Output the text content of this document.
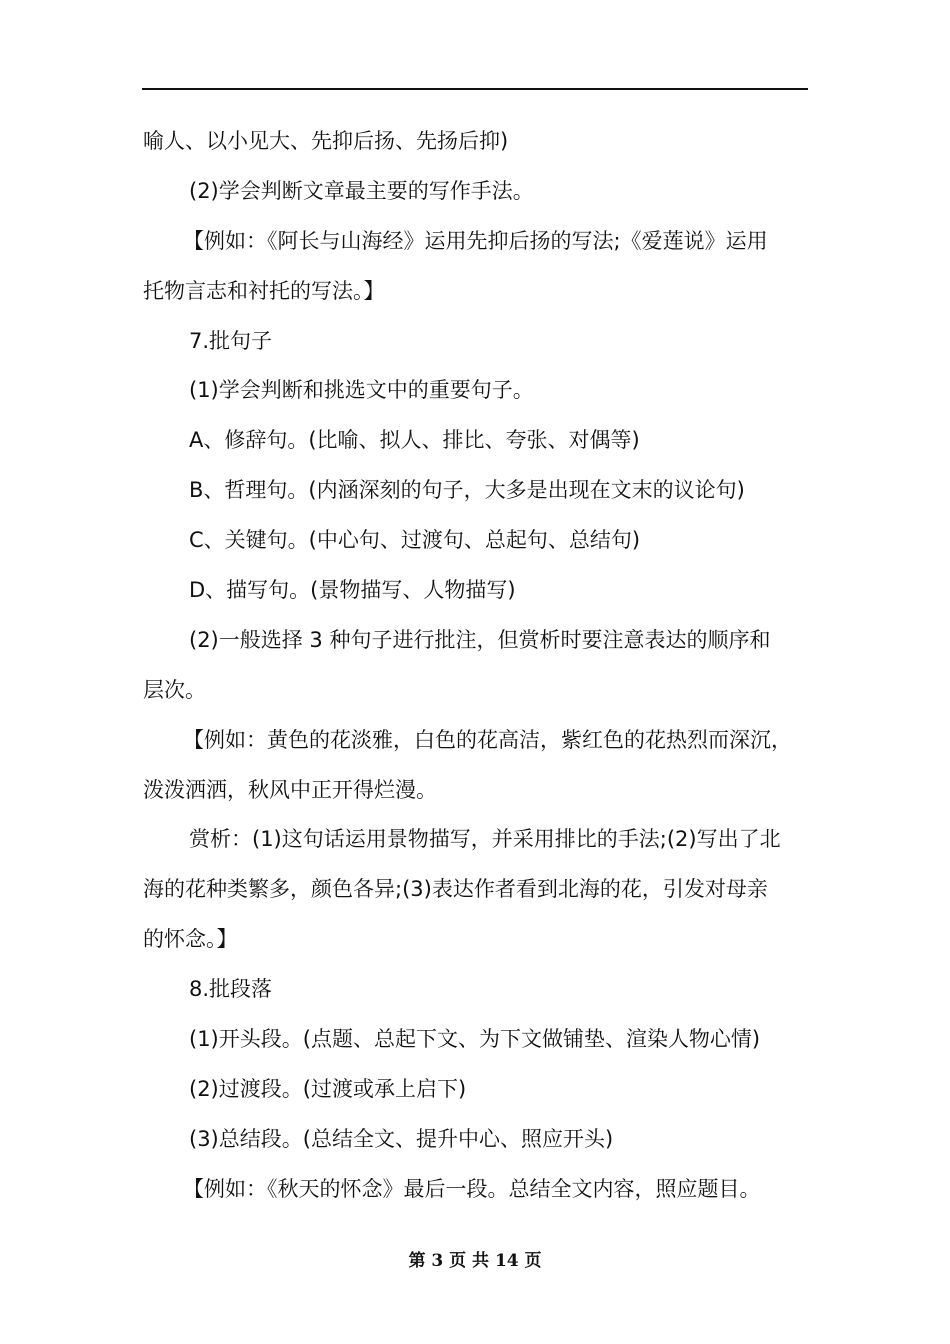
喻人、以小见大、先抑后扬、先扬后抑)
(2)学会判断文章最主要的写作手法。
【例如：《阿长与山海经》运用先抑后扬的写法;《爱莲说》运用
托物言志和衬托的写法。】
7.批句子
(1)学会判断和挑选文中的重要句子。
A、修辞句。(比喻、拟人、排比、夸张、对偶等)
B、哲理句。(内涵深刻的句子，大多是出现在文末的议论句)
C、关键句。(中心句、过渡句、总起句、总结句)
D、描写句。(景物描写、人物描写)
(2)一般选择 3 种句子进行批注，但赏析时要注意表达的顺序和
层次。
【例如：黄色的花淡雅，白色的花高洁，紫红色的花热烈而深沉，
泼泼洒洒，秋风中正开得烂漫。
赏析：(1)这句话运用景物描写，并采用排比的手法;(2)写出了北
海的花种类繁多，颜色各异;(3)表达作者看到北海的花，引发对母亲
的怀念。】
8.批段落
(1)开头段。(点题、总起下文、为下文做铺垫、渲染人物心情)
(2)过渡段。(过渡或承上启下)
(3)总结段。(总结全文、提升中心、照应开头)
【例如：《秋天的怀念》最后一段。总结全文内容，照应题目。
第 3 页 共 14 页
